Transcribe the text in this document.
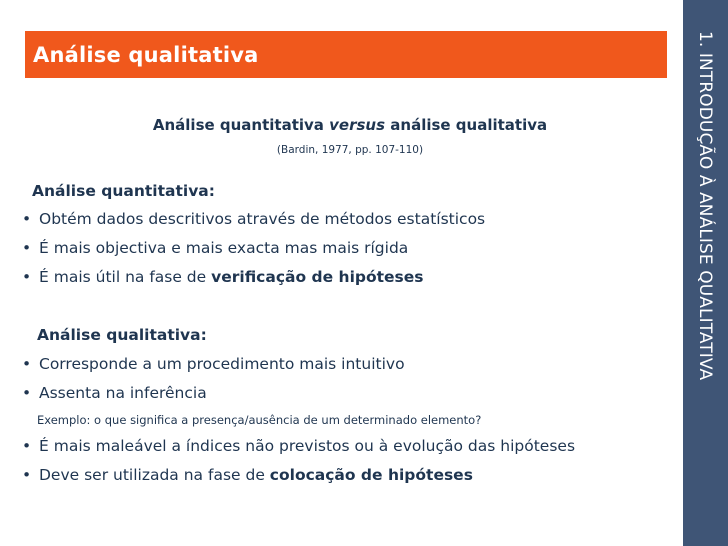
Análise qualitativa	1. INTRODUÇÃO À ANÁLISE QUALITATIVA
Análise quantitativa versus análise qualitativa
(Bardin, 1977, pp. 107-110)
Análise quantitativa:
• Obtém dados descritivos através de métodos estatísticos
• É mais objectiva e mais exacta mas mais rígida
• É mais útil na fase de verificação de hipóteses
Análise qualitativa:
• Corresponde a um procedimento mais intuitivo
• Assenta na inferência
Exemplo: o que significa a presença/ausência de um determinado elemento?
• É mais maleável a índices não previstos ou à evolução das hipóteses
• Deve ser utilizada na fase de colocação de hipóteses
